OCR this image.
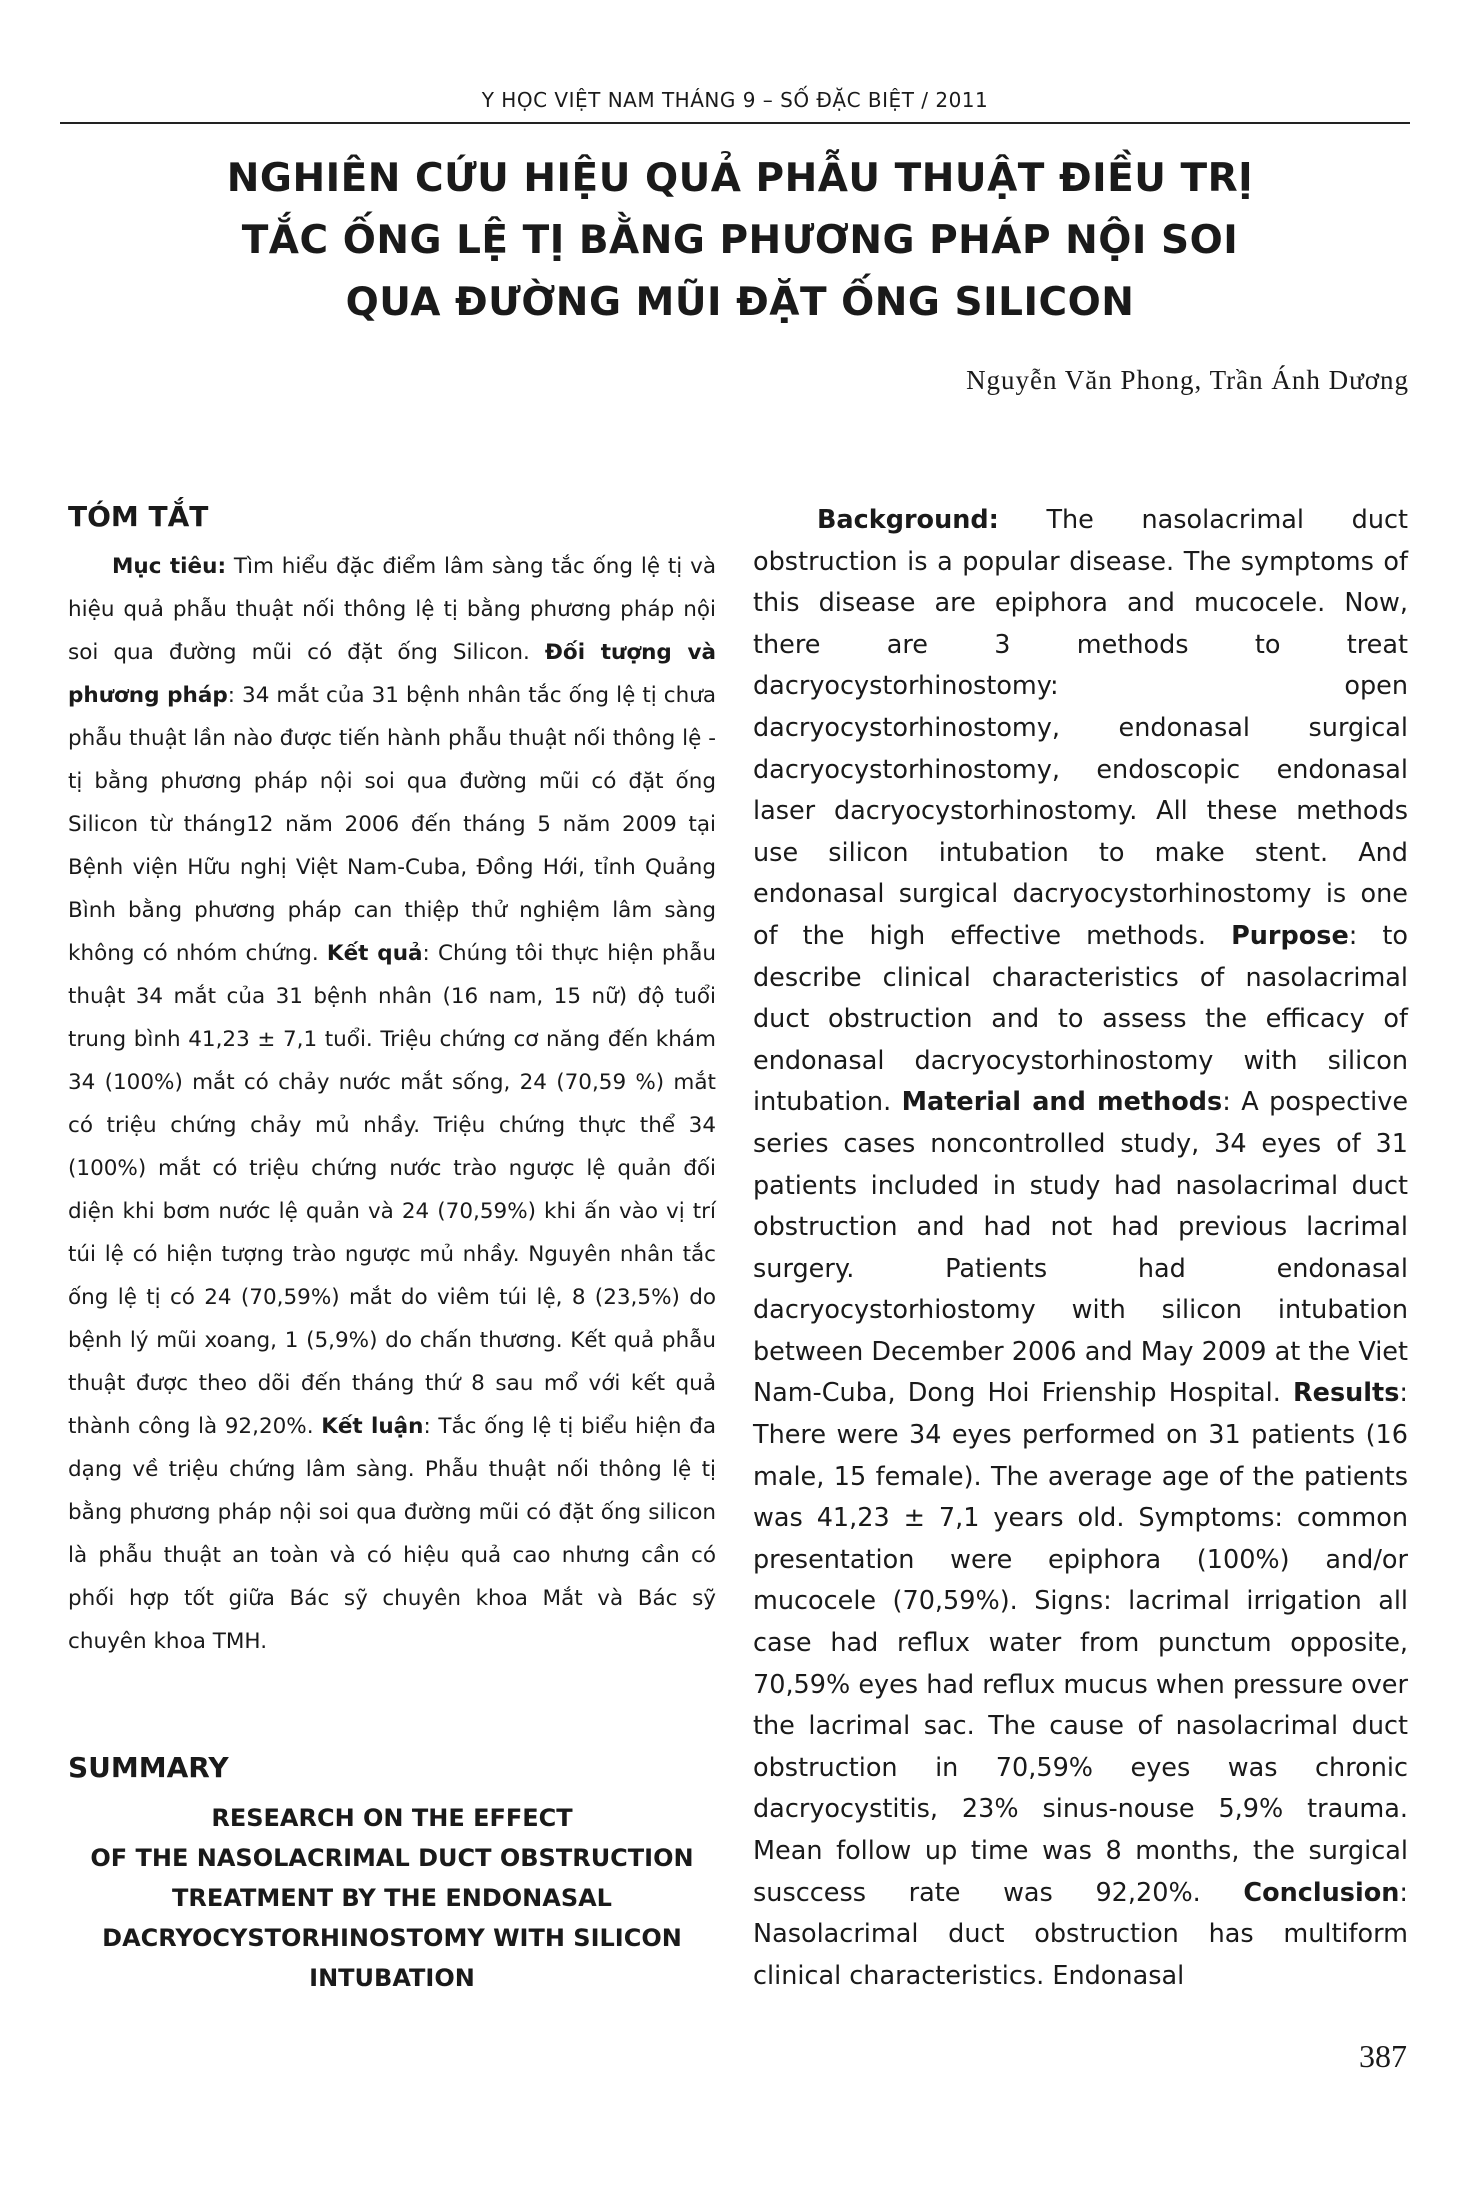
Y HỌC VIỆT NAM THÁNG 9 – SỐ ĐẶC BIỆT / 2011
NGHIÊN CỨU HIỆU QUẢ PHẪU THUẬT ĐIỀU TRỊ
TẮC ỐNG LỆ TỊ BẰNG PHƯƠNG PHÁP NỘI SOI
QUA ĐƯỜNG MŨI ĐẶT ỐNG SILICON
Nguyễn Văn Phong, Trần Ánh Dương
TÓM TẮT

Mục tiêu: Tìm hiểu đặc điểm lâm sàng tắc ống lệ tị và hiệu quả phẫu thuật nối thông lệ tị bằng phương pháp nội soi qua đường mũi có đặt ống Silicon. Đối tượng và phương pháp: 34 mắt của 31 bệnh nhân tắc ống lệ tị chưa phẫu thuật lần nào được tiến hành phẫu thuật nối thông lệ -tị bằng phương pháp nội soi qua đường mũi có đặt ống Silicon từ tháng12 năm 2006 đến tháng 5 năm 2009 tại Bệnh viện Hữu nghị Việt Nam-Cuba, Đồng Hới, tỉnh Quảng Bình bằng phương pháp can thiệp thử nghiệm lâm sàng không có nhóm chứng. Kết quả: Chúng tôi thực hiện phẫu thuật 34 mắt của 31 bệnh nhân (16 nam, 15 nữ) độ tuổi trung bình 41,23 ± 7,1 tuổi. Triệu chứng cơ năng đến khám 34 (100%) mắt có chảy nước mắt sống, 24 (70,59 %) mắt có triệu chứng chảy mủ nhầy. Triệu chứng thực thể 34 (100%) mắt có triệu chứng nước trào ngược lệ quản đối diện khi bơm nước lệ quản và 24 (70,59%) khi ấn vào vị trí túi lệ có hiện tượng trào ngược mủ nhầy. Nguyên nhân tắc ống lệ tị có 24 (70,59%) mắt do viêm túi lệ, 8 (23,5%) do bệnh lý mũi xoang, 1 (5,9%) do chấn thương. Kết quả phẫu thuật được theo dõi đến tháng thứ 8 sau mổ với kết quả thành công là 92,20%. Kết luận: Tắc ống lệ tị biểu hiện đa dạng về triệu chứng lâm sàng. Phẫu thuật nối thông lệ tị bằng phương pháp nội soi qua đường mũi có đặt ống silicon là phẫu thuật an toàn và có hiệu quả cao nhưng cần có phối hợp tốt giữa Bác sỹ chuyên khoa Mắt và Bác sỹ chuyên khoa TMH.

SUMMARY
RESEARCH ON THE EFFECT
OF THE NASOLACRIMAL DUCT OBSTRUCTION
TREATMENT BY THE ENDONASAL
DACRYOCYSTORHINOSTOMY WITH SILICON
INTUBATION

Background: The nasolacrimal duct obstruction is a popular disease. The symptoms of this disease are epiphora and mucocele. Now, there are 3 methods to treat dacryocystorhinostomy: open dacryocystorhinostomy, endonasal surgical dacryocystorhinostomy, endoscopic endonasal laser dacryocystorhinostomy. All these methods use silicon intubation to make stent. And endonasal surgical dacryocystorhinostomy is one of the high effective methods. Purpose: to describe clinical characteristics of nasolacrimal duct obstruction and to assess the efficacy of endonasal dacryocystorhinostomy with silicon intubation. Material and methods: A pospective series cases noncontrolled study, 34 eyes of 31 patients included in study had nasolacrimal duct obstruction and had not had previous lacrimal surgery. Patients had endonasal dacryocystorhiostomy with silicon intubation between December 2006 and May 2009 at the Viet Nam-Cuba, Dong Hoi Frienship Hospital. Results: There were 34 eyes performed on 31 patients (16 male, 15 female). The average age of the patients was 41,23 ± 7,1 years old. Symptoms: common presentation were epiphora (100%) and/or mucocele (70,59%). Signs: lacrimal irrigation all case had reflux water from punctum opposite, 70,59% eyes had reflux mucus when pressure over the lacrimal sac. The cause of nasolacrimal duct obstruction in 70,59% eyes was chronic dacryocystitis, 23% sinus-nouse 5,9% trauma. Mean follow up time was 8 months, the surgical susccess rate was 92,20%. Conclusion: Nasolacrimal duct obstruction has multiform clinical characteristics. Endonasal

387
